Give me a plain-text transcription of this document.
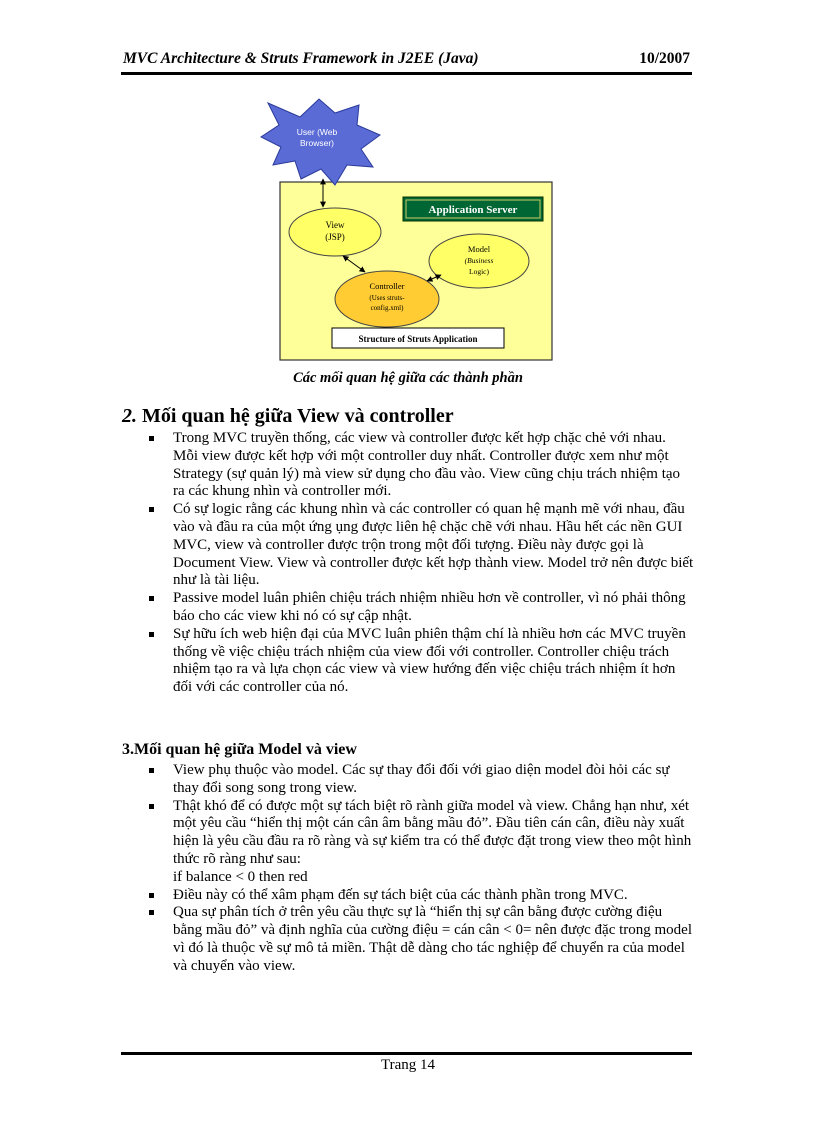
MVC Architecture & Struts Framework in J2EE (Java)	10/2007
User (Web
Browser)
Application Server
View
(JSP)
Model
(Business
Logic)
Controller
(Uses struts-
config.xml)
Structure of Struts Application
Các mối quan hệ giữa các thành phần
2. Mối quan hệ giữa View và controller
Trong MVC truyền thống, các view và controller được kết hợp chặc chẻ với nhau. Mỗi view được kết hợp với một controller duy nhất. Controller được xem như một Strategy (sự quản lý) mà view sử dụng cho đầu vào. View cũng chịu trách nhiệm tạo ra các khung nhìn và controller mới.
Có sự logic rằng các khung nhìn và các controller có quan hệ mạnh mẽ với nhau, đầu vào và đầu ra của một ứng ụng được liên hệ chặc chẽ với nhau. Hầu hết các nền GUI MVC, view và controller được trộn trong một đối tượng. Điều này được gọi là Document View. View và controller được kết hợp thành view. Model trở nên được biết như là tài liệu.
Passive model luân phiên chiệu trách nhiệm nhiều hơn về controller, vì nó phải thông báo cho các view khi nó có sự cập nhật.
Sự hữu ích web hiện đại của MVC luân phiên thậm chí là nhiều hơn các MVC truyền thống về việc chiệu trách nhiệm của view đối với controller. Controller chiệu trách nhiệm tạo ra và lựa chọn các view và view hướng đến việc chiệu trách nhiệm ít hơn đối với các controller của nó.
3.Mối quan hệ giữa Model và view
View phụ thuộc vào model. Các sự thay đổi đối với giao diện model đòi hỏi các sự thay đổi song song trong view.
Thật khó để có được một sự tách biệt rõ rành giữa model và view. Chẳng hạn như, xét một yêu cầu “hiển thị một cán cân âm bằng mầu đỏ”. Đầu tiên cán cân, điều này xuất hiện là yêu cầu đầu ra rõ ràng và sự kiểm tra có thể được đặt trong view theo một hình thức rõ ràng như sau:
if balance < 0 then red
Điều này có thể xâm phạm đến sự tách biệt của các thành phần trong MVC.
Qua sự phân tích ở trên yêu cầu thực sự là “hiển thị sự cân bằng được cường điệu bằng mầu đỏ” và định nghĩa của cường điệu = cán cân < 0= nên được đặc trong model vì đó là thuộc về sự mô tả miền. Thật dễ dàng cho tác nghiệp để chuyển ra của model và chuyển vào view.
Trang 14
